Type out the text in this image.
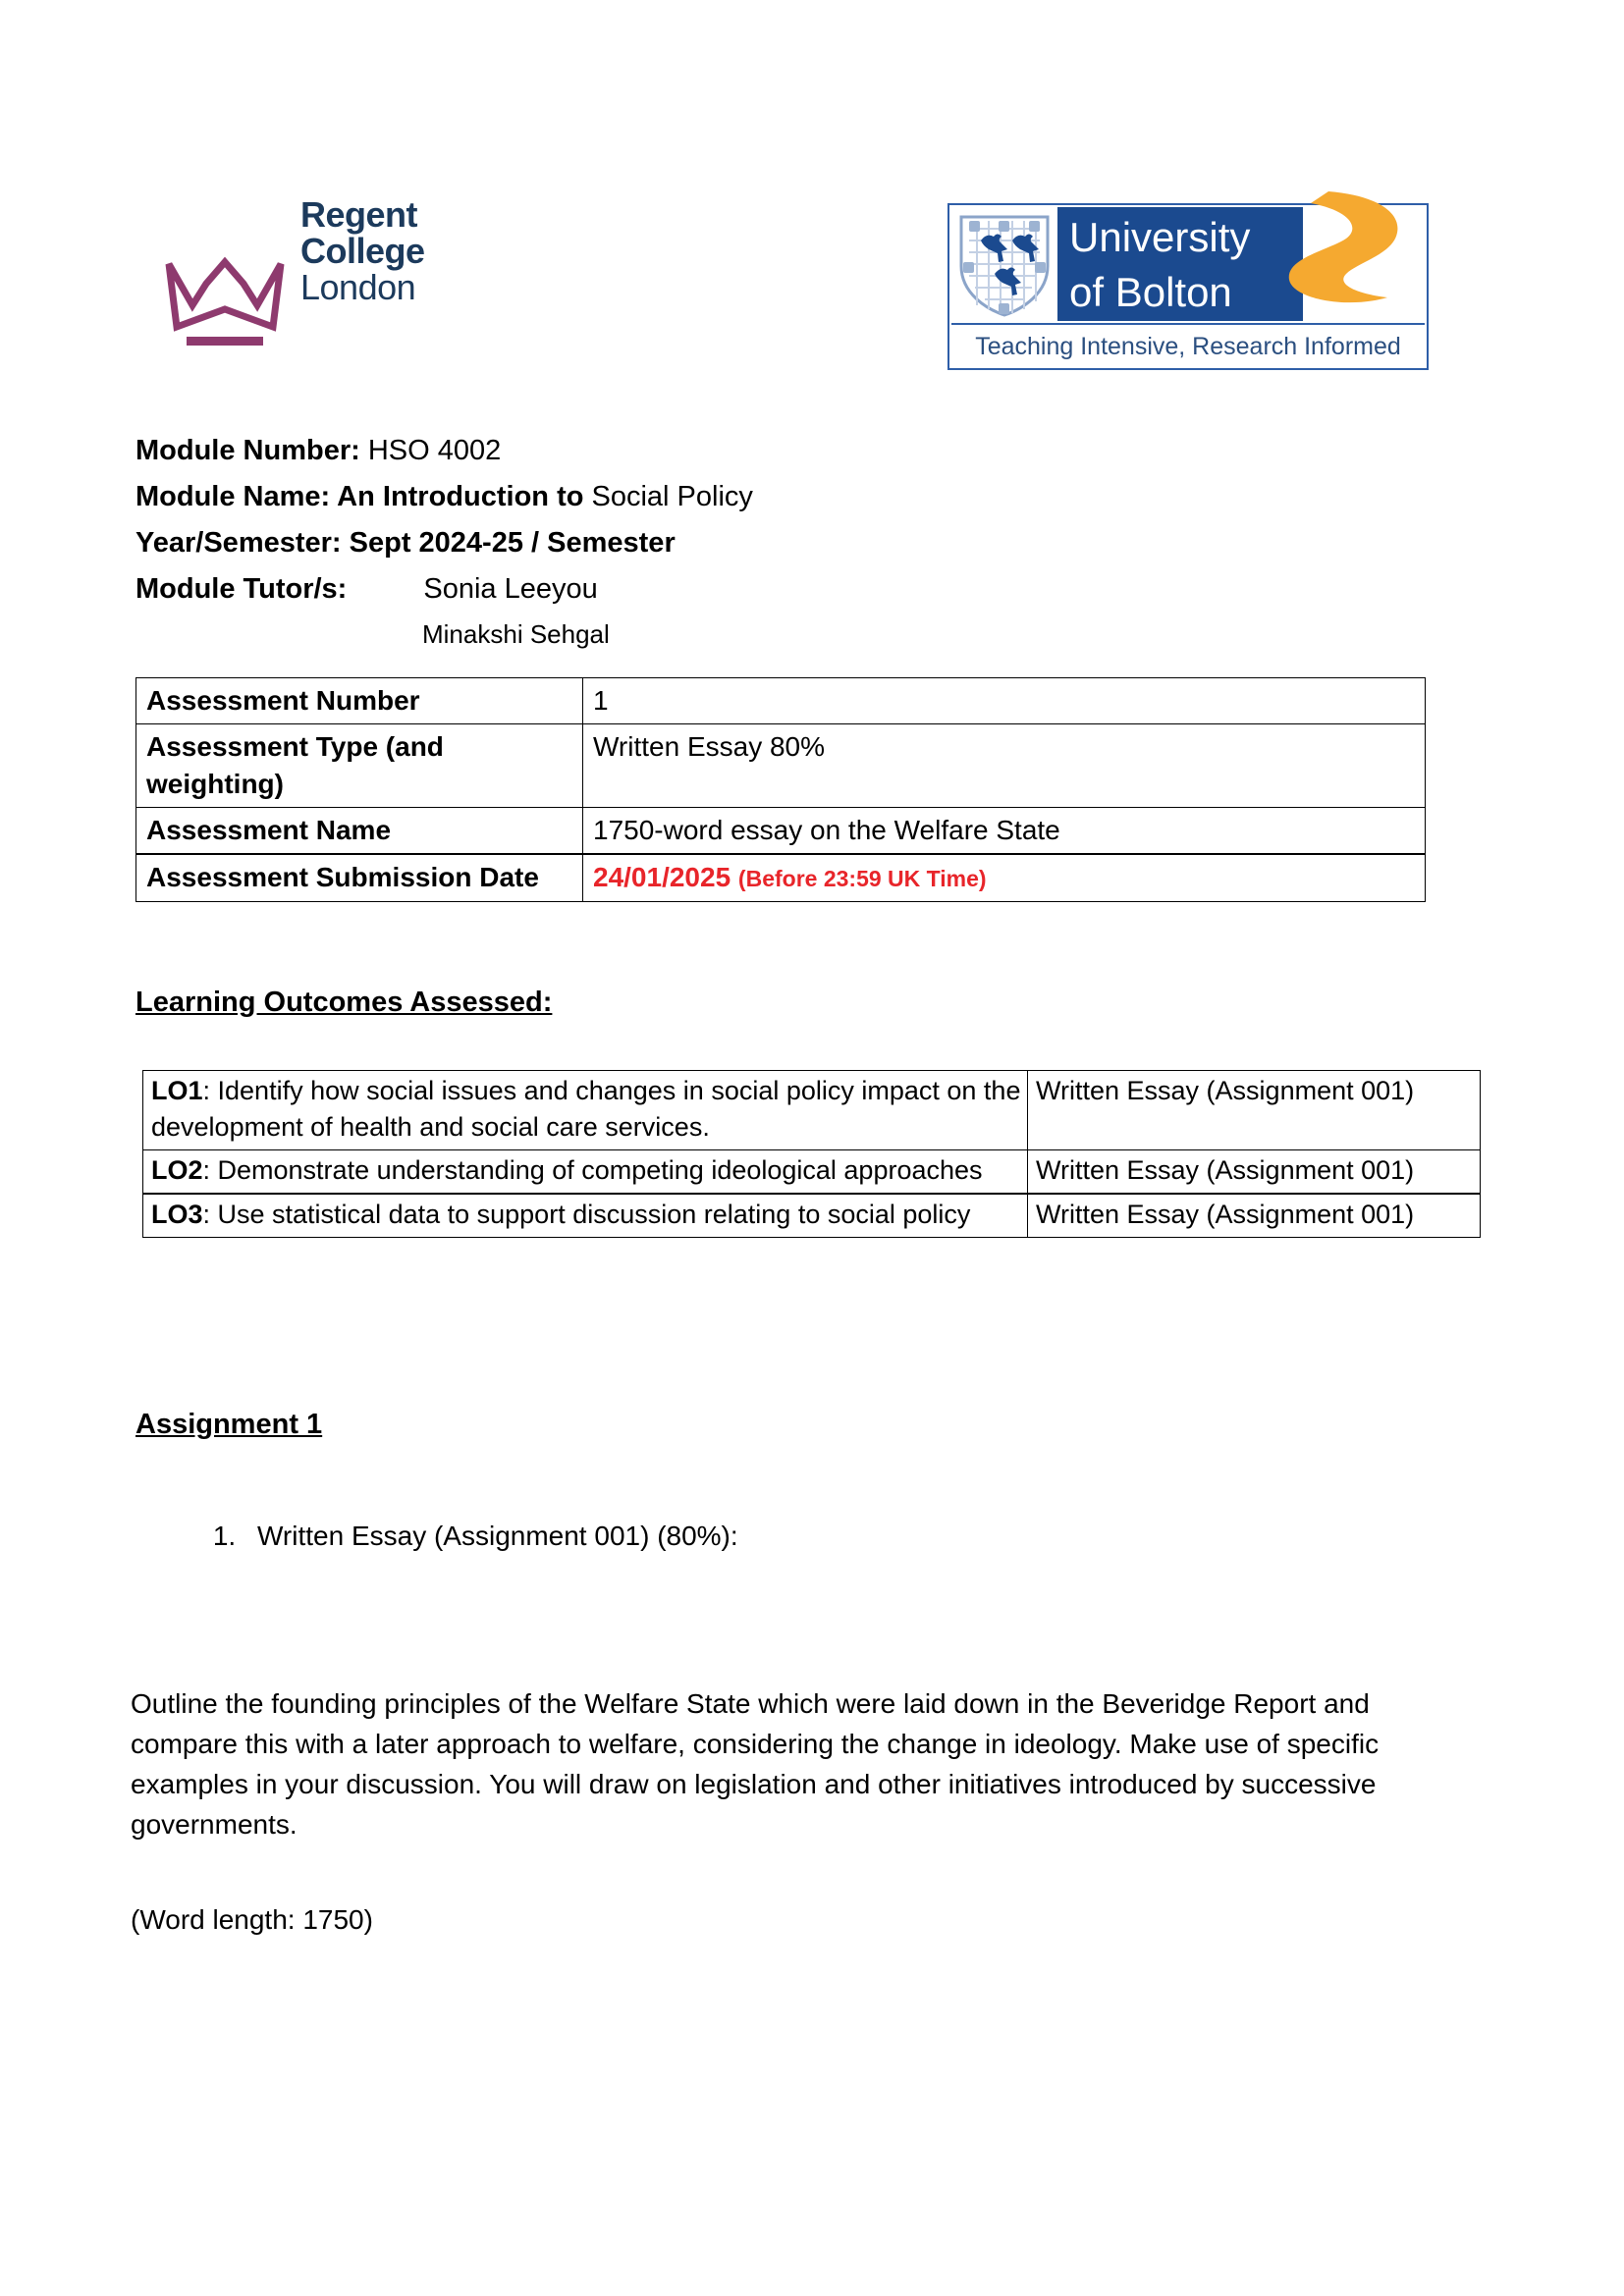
Regent
College
London
University
of Bolton
Teaching Intensive, Research Informed
Module Number: HSO 4002
Module Name: An Introduction to Social Policy
Year/Semester: Sept 2024-25 / Semester
Module Tutor/s:	Sonia Leeyou
Minakshi Sehgal
Assessment Number	1
Assessment Type (and weighting)	Written Essay 80%
Assessment Name	1750-word essay on the Welfare State
Assessment Submission Date	24/01/2025 (Before 23:59 UK Time)
Learning Outcomes Assessed:
LO1: Identify how social issues and changes in social policy impact on the development of health and social care services.	Written Essay (Assignment 001)
LO2: Demonstrate understanding of competing ideological approaches	Written Essay (Assignment 001)
LO3: Use statistical data to support discussion relating to social policy	Written Essay (Assignment 001)
Assignment 1
1. Written Essay (Assignment 001) (80%):
Outline the founding principles of the Welfare State which were laid down in the Beveridge Report and compare this with a later approach to welfare, considering the change in ideology. Make use of specific examples in your discussion. You will draw on legislation and other initiatives introduced by successive governments.
(Word length: 1750)
